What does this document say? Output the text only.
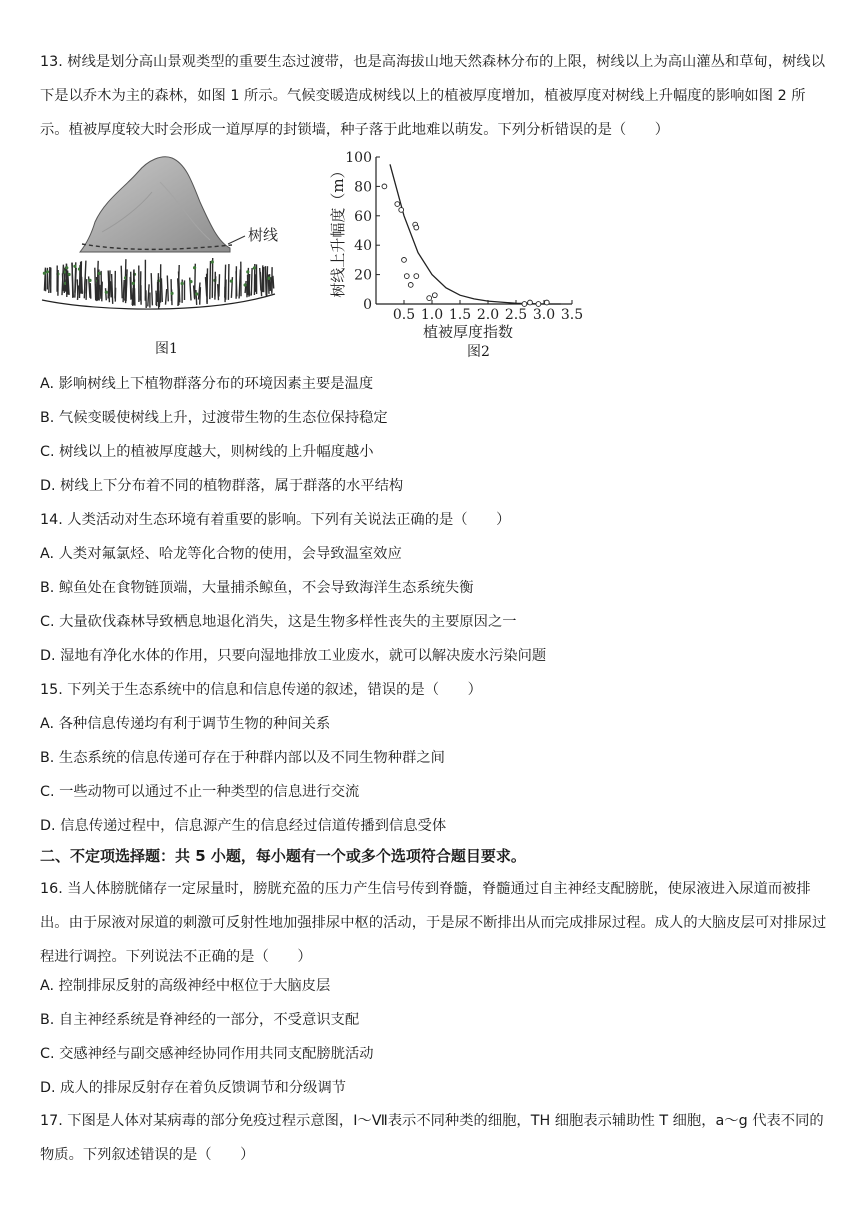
13. 树线是划分高山景观类型的重要生态过渡带，也是高海拔山地天然森林分布的上限，树线以上为高山灌丛和草甸，树线以下是以乔木为主的森林，如图 1 所示。气候变暖造成树线以上的植被厚度增加，植被厚度对树线上升幅度的影响如图 2 所示。植被厚度较大时会形成一道厚厚的封锁墙，种子落于此地难以萌发。下列分析错误的是（　　）
树线
图1
0
20
40
60
80
100
0.5 1.0 1.5 2.0 2.5 3.0 3.5
植被厚度指数
树线上升幅度（m）
图2
A. 影响树线上下植物群落分布的环境因素主要是温度
B. 气候变暖使树线上升，过渡带生物的生态位保持稳定
C. 树线以上的植被厚度越大，则树线的上升幅度越小
D. 树线上下分布着不同的植物群落，属于群落的水平结构
14. 人类活动对生态环境有着重要的影响。下列有关说法正确的是（　　）
A. 人类对氟氯烃、哈龙等化合物的使用，会导致温室效应
B. 鲸鱼处在食物链顶端，大量捕杀鲸鱼，不会导致海洋生态系统失衡
C. 大量砍伐森林导致栖息地退化消失，这是生物多样性丧失的主要原因之一
D. 湿地有净化水体的作用，只要向湿地排放工业废水，就可以解决废水污染问题
15. 下列关于生态系统中的信息和信息传递的叙述，错误的是（　　）
A. 各种信息传递均有利于调节生物的种间关系
B. 生态系统的信息传递可存在于种群内部以及不同生物种群之间
C. 一些动物可以通过不止一种类型的信息进行交流
D. 信息传递过程中，信息源产生的信息经过信道传播到信息受体
二、不定项选择题：共 5 小题，每小题有一个或多个选项符合题目要求。
16. 当人体膀胱储存一定尿量时，膀胱充盈的压力产生信号传到脊髓，脊髓通过自主神经支配膀胱，使尿液进入尿道而被排出。由于尿液对尿道的刺激可反射性地加强排尿中枢的活动，于是尿不断排出从而完成排尿过程。成人的大脑皮层可对排尿过程进行调控。下列说法不正确的是（　　）
A. 控制排尿反射的高级神经中枢位于大脑皮层
B. 自主神经系统是脊神经的一部分，不受意识支配
C. 交感神经与副交感神经协同作用共同支配膀胱活动
D. 成人的排尿反射存在着负反馈调节和分级调节
17. 下图是人体对某病毒的部分免疫过程示意图，Ⅰ～Ⅶ表示不同种类的细胞，TH 细胞表示辅助性 T 细胞，a～g 代表不同的物质。下列叙述错误的是（　　）
